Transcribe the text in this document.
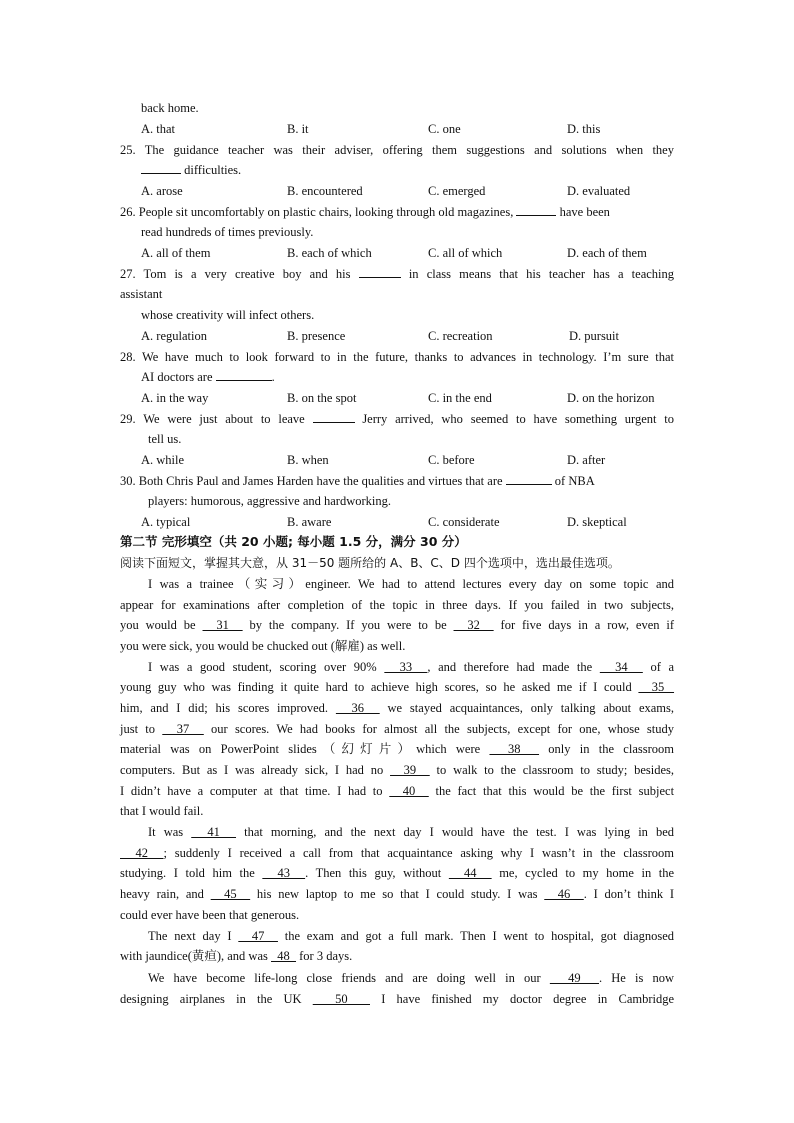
back home.
A. that	B. it	C. one	D. this
25. The guidance teacher was their adviser, offering them suggestions and solutions when they
difficulties.
A. arose	B. encountered	C. emerged	D. evaluated
26. People sit uncomfortably on plastic chairs, looking through old magazines,	have been
read hundreds of times previously.
A. all of them	B. each of which	C. all of which	D. each of them
27. Tom is a very creative boy and his	in class means that his teacher has a teaching
assistant
whose creativity will infect others.
A. regulation	B. presence	C. recreation	D. pursuit
28. We have much to look forward to in the future, thanks to advances in technology. I’m sure that
AI doctors are	.
A. in the way	B. on the spot	C. in the end	D. on the horizon
29. We were just about to leave	Jerry arrived, who seemed to have something urgent to
tell us.
A. while	B. when	C. before	D. after
30. Both Chris Paul and James Harden have the qualities and virtues that are	of NBA
players: humorous, aggressive and hardworking.
A. typical	B. aware	C. considerate	D. skeptical
第二节 完形填空（共 20 小题; 每小题 1.5 分，满分 30 分）
阅读下面短文，掌握其大意，从 31－50 题所给的 A、B、C、D 四个选项中，选出最佳选项。
I was a trainee（实习）engineer. We had to attend lectures every day on some topic and
appear for examinations after completion of the topic in three days. If you failed in two subjects,
you would be   31   by the company. If you were to be   32   for five days in a row, even if
you were sick, you would be chucked out (解雇) as well.
I was a good student, scoring over 90%   33  , and therefore had made the   34   of a
young guy who was finding it quite hard to achieve high scores, so he asked me if I could   35
him, and I did; his scores improved.   36   we stayed acquaintances, only talking about exams,
just to   37   our scores. We had books for almost all the subjects, except for one, whose study
material was on PowerPoint slides（幻灯片）which were   38   only in the classroom
computers. But as I was already sick, I had no   39   to walk to the classroom to study; besides,
I didn’t have a computer at that time. I had to   40   the fact that this would be the first subject
that I would fail.
It was   41   that morning, and the next day I would have the test. I was lying in bed
42  ; suddenly I received a call from that acquaintance asking why I wasn’t in the classroom
studying. I told him the   43  . Then this guy, without   44   me, cycled to my home in the
heavy rain, and   45   his new laptop to me so that I could study. I was   46  . I don’t think I
could ever have been that generous.
The next day I   47   the exam and got a full mark. Then I went to hospital, got diagnosed
with jaundice(黄疸), and was   48   for 3 days.
We have become life-long close friends and are doing well in our   49  . He is now
designing airplanes in the UK   50   I have finished my doctor degree in Cambridge
